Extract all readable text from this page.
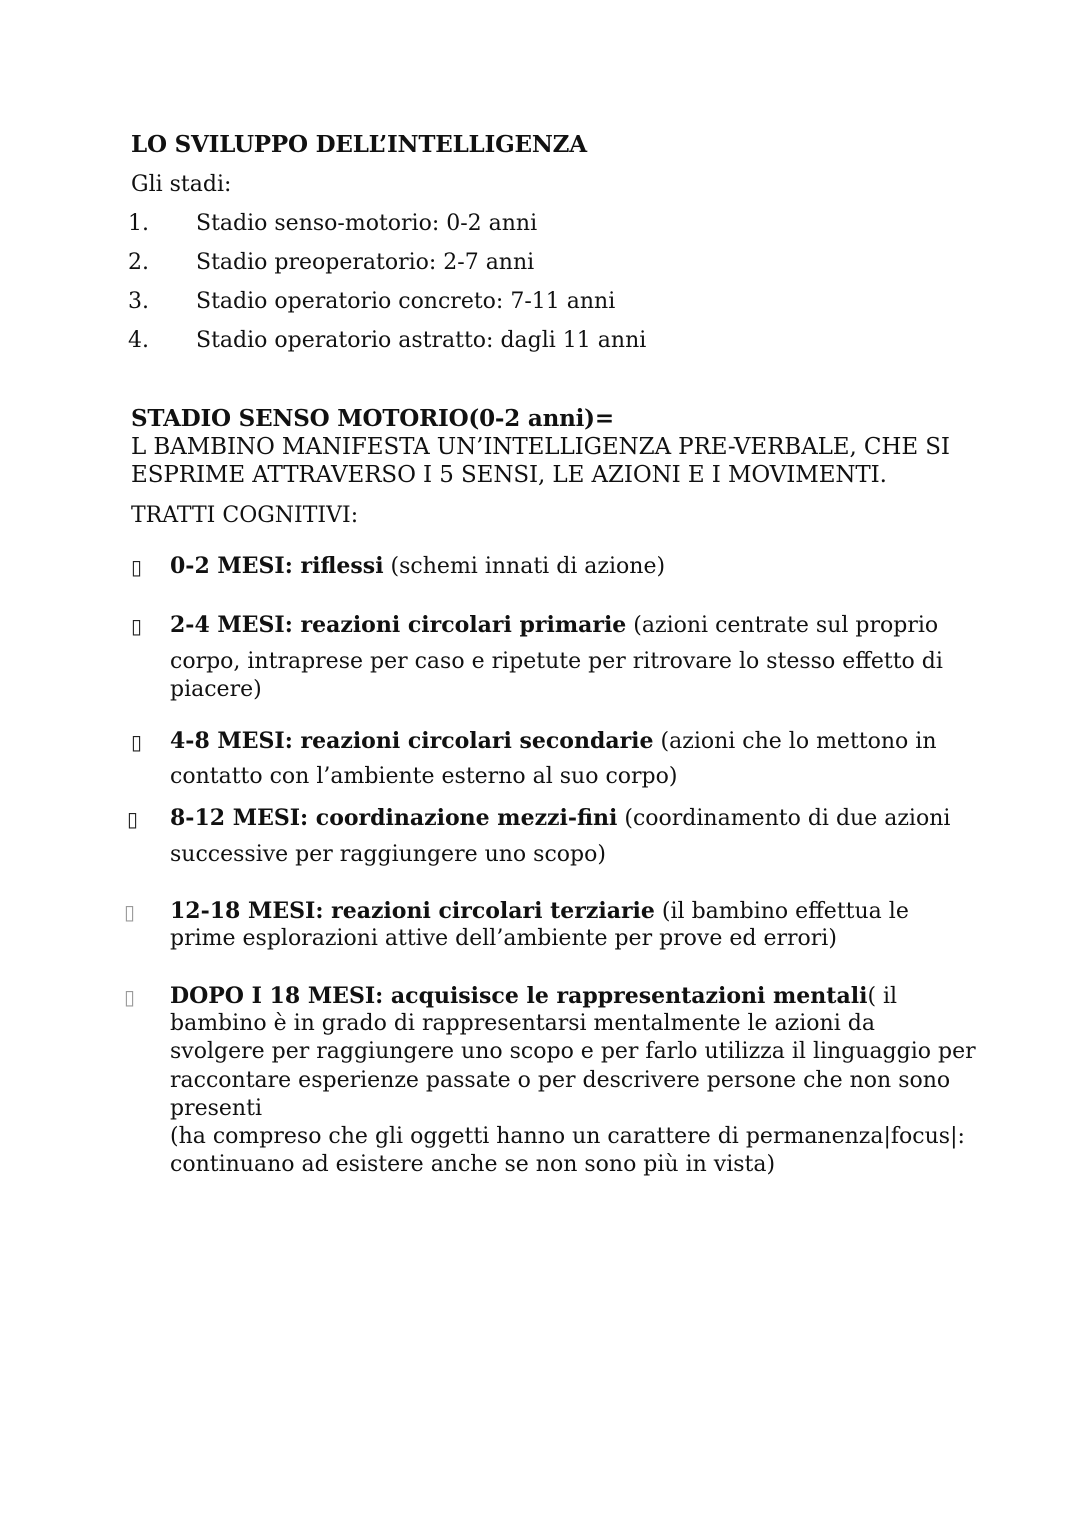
LO SVILUPPO DELL’INTELLIGENZA
Gli stadi:
1. Stadio senso-motorio: 0-2 anni
2. Stadio preoperatorio: 2-7 anni
3. Stadio operatorio concreto: 7-11 anni
4. Stadio operatorio astratto: dagli 11 anni
STADIO SENSO MOTORIO(0-2 anni)=
L BAMBINO MANIFESTA UN’INTELLIGENZA PRE-VERBALE, CHE SI
ESPRIME ATTRAVERSO I 5 SENSI, LE AZIONI E I MOVIMENTI.
TRATTI COGNITIVI:
▯ 0-2 MESI: riflessi (schemi innati di azione)
▯ 2-4 MESI: reazioni circolari primarie (azioni centrate sul proprio
corpo, intraprese per caso e ripetute per ritrovare lo stesso effetto di
piacere)
▯ 4-8 MESI: reazioni circolari secondarie (azioni che lo mettono in
contatto con l’ambiente esterno al suo corpo)
▯ 8-12 MESI: coordinazione mezzi-fini (coordinamento di due azioni
successive per raggiungere uno scopo)
▯ 12-18 MESI: reazioni circolari terziarie (il bambino effettua le
prime esplorazioni attive dell’ambiente per prove ed errori)
▯ DOPO I 18 MESI: acquisisce le rappresentazioni mentali( il
bambino è in grado di rappresentarsi mentalmente le azioni da
svolgere per raggiungere uno scopo e per farlo utilizza il linguaggio per
raccontare esperienze passate o per descrivere persone che non sono
presenti
(ha compreso che gli oggetti hanno un carattere di permanenza|focus|:
continuano ad esistere anche se non sono più in vista)
